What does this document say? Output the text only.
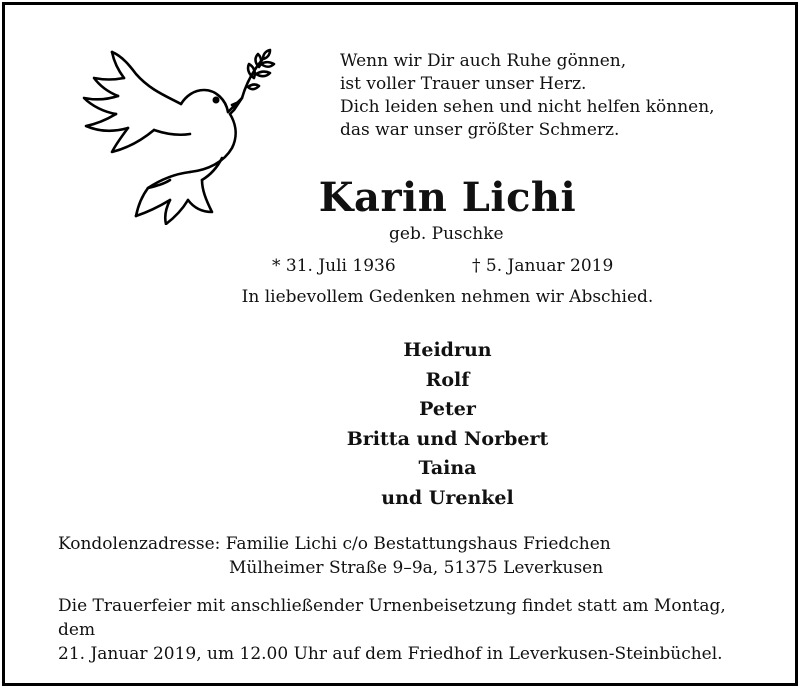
Wenn wir Dir auch Ruhe gönnen,
ist voller Trauer unser Herz.
Dich leiden sehen und nicht helfen können,
das war unser größter Schmerz.
Karin Lichi
geb. Puschke
* 31. Juli 1936	† 5. Januar 2019
In liebevollem Gedenken nehmen wir Abschied.
Heidrun
Rolf
Peter
Britta und Norbert
Taina
und Urenkel
Kondolenzadresse: Familie Lichi c/o Bestattungshaus Friedchen
Mülheimer Straße 9–9a, 51375 Leverkusen
Die Trauerfeier mit anschließender Urnenbeisetzung findet statt am Montag, dem
21. Januar 2019, um 12.00 Uhr auf dem Friedhof in Leverkusen-Steinbüchel.
